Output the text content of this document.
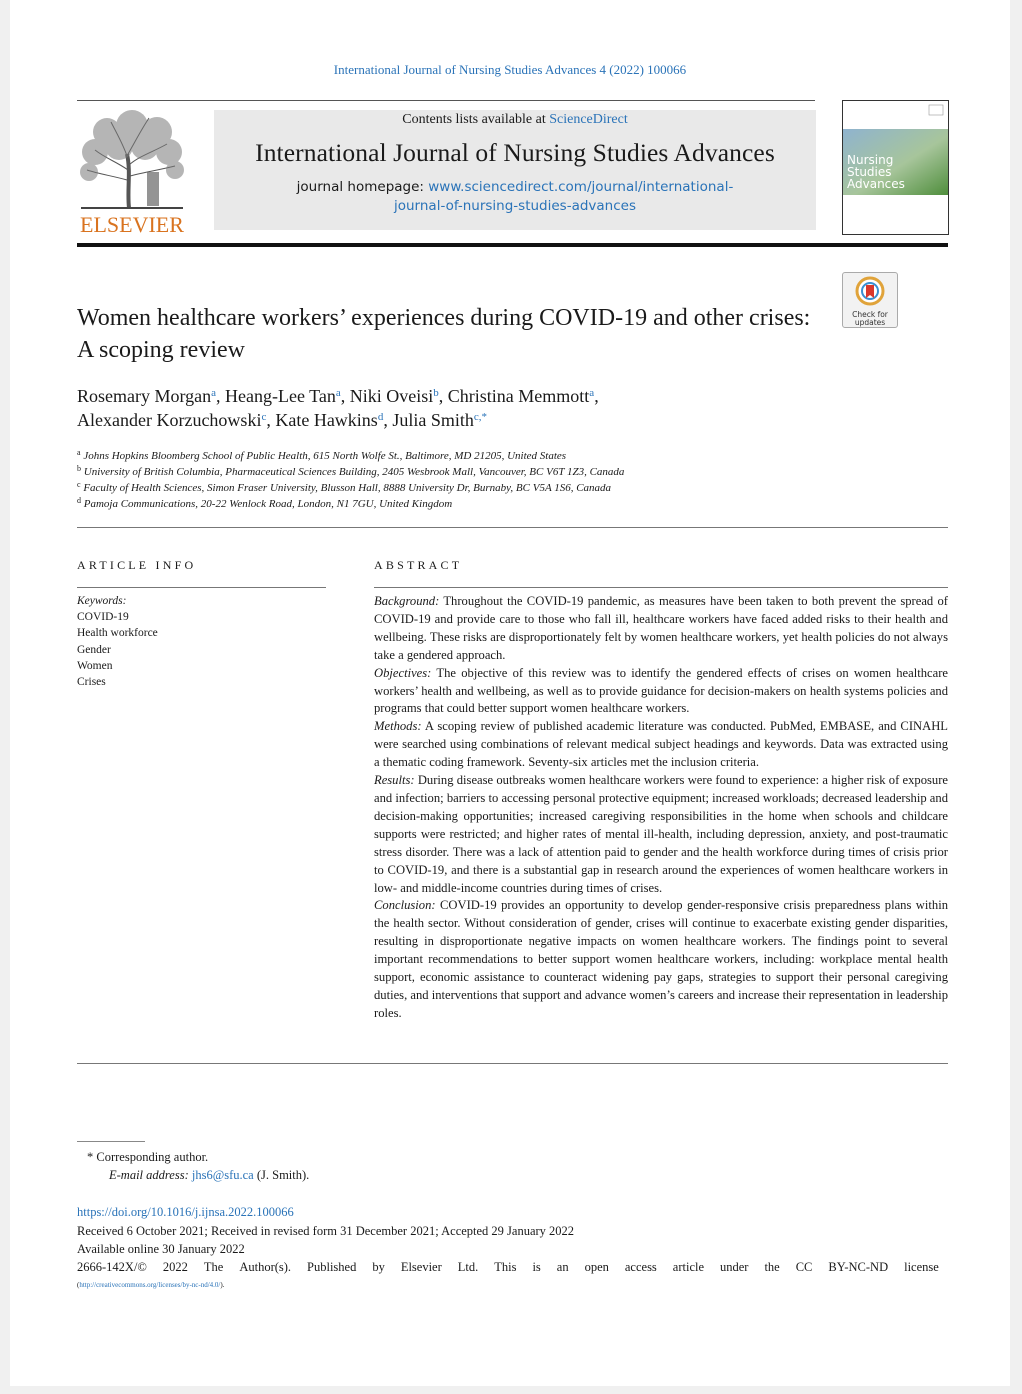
International Journal of Nursing Studies Advances 4 (2022) 100066
ELSEVIER
Contents lists available at ScienceDirect
International Journal of Nursing Studies Advances
journal homepage: www.sciencedirect.com/journal/international-
journal-of-nursing-studies-advances
Nursing
Studies
Advances
Check for
updates
Women healthcare workers’ experiences during COVID-19 and other crises: A scoping review
Rosemary Morgan$^a$, Heang-Lee Tan$^a$, Niki Oveisi$^b$, Christina Memmott$^a$,
Alexander Korzuchowski$^c$, Kate Hawkins$^d$, Julia Smith$^{c,*}$
$^a$ Johns Hopkins Bloomberg School of Public Health, 615 North Wolfe St., Baltimore, MD 21205, United States
$^b$ University of British Columbia, Pharmaceutical Sciences Building, 2405 Wesbrook Mall, Vancouver, BC V6T 1Z3, Canada
$^c$ Faculty of Health Sciences, Simon Fraser University, Blusson Hall, 8888 University Dr, Burnaby, BC V5A 1S6, Canada
$^d$ Pamoja Communications, 20-22 Wenlock Road, London, N1 7GU, United Kingdom
ARTICLE INFO
Keywords:
COVID-19
Health workforce
Gender
Women
Crises
ABSTRACT

Background: Throughout the COVID-19 pandemic, as measures have been taken to both prevent the spread of COVID-19 and provide care to those who fall ill, healthcare workers have faced added risks to their health and wellbeing. These risks are disproportionately felt by women healthcare workers, yet health policies do not always take a gendered approach.

Objectives: The objective of this review was to identify the gendered effects of crises on women healthcare workers’ health and wellbeing, as well as to provide guidance for decision-makers on health systems policies and programs that could better support women healthcare workers.

Methods: A scoping review of published academic literature was conducted. PubMed, EMBASE, and CINAHL were searched using combinations of relevant medical subject headings and keywords. Data was extracted using a thematic coding framework. Seventy-six articles met the inclusion criteria.

Results: During disease outbreaks women healthcare workers were found to experience: a higher risk of exposure and infection; barriers to accessing personal protective equipment; increased workloads; decreased leadership and decision-making opportunities; increased caregiving responsibilities in the home when schools and childcare supports were restricted; and higher rates of mental ill-health, including depression, anxiety, and post-traumatic stress disorder. There was a lack of attention paid to gender and the health workforce during times of crisis prior to COVID-19, and there is a substantial gap in research around the experiences of women healthcare workers in low- and middle-income countries during times of crises.

Conclusion: COVID-19 provides an opportunity to develop gender-responsive crisis preparedness plans within the health sector. Without consideration of gender, crises will continue to exacerbate existing gender disparities, resulting in disproportionate negative impacts on women healthcare workers. The findings point to several important recommendations to better support women healthcare workers, including: workplace mental health support, economic assistance to counteract widening pay gaps, strategies to support their personal caregiving duties, and interventions that support and advance women’s careers and increase their representation in leadership roles.

* Corresponding author.
E-mail address: jhs6@sfu.ca (J. Smith).
https://doi.org/10.1016/j.ijnsa.2022.100066
Received 6 October 2021; Received in revised form 31 December 2021; Accepted 29 January 2022
Available online 30 January 2022
2666-142X/© 2022 The Author(s). Published by Elsevier Ltd. This is an open access article under the CC BY-NC-ND license
(http://creativecommons.org/licenses/by-nc-nd/4.0/).
